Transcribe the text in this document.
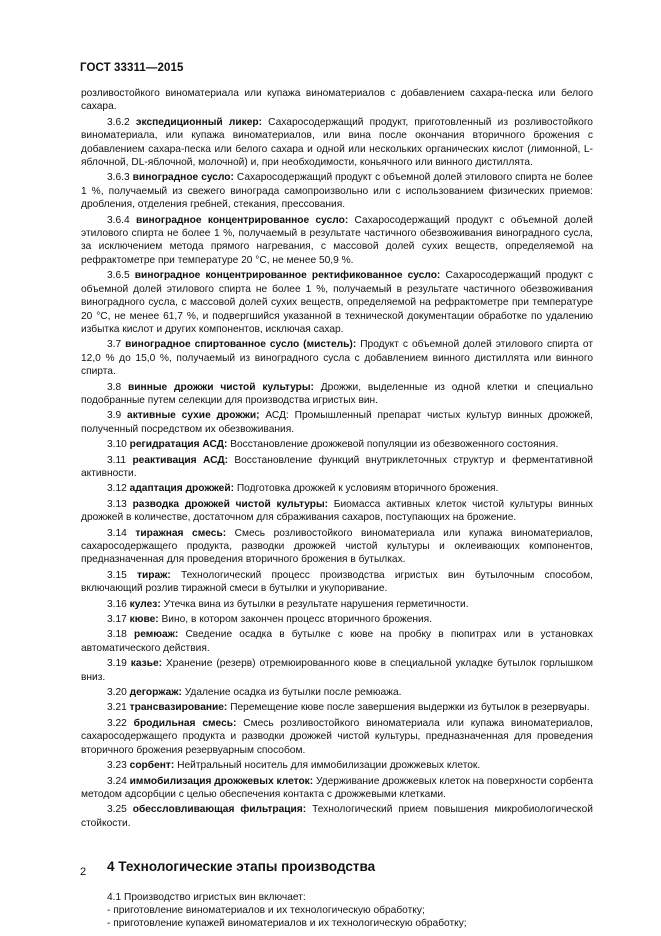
ГОСТ 33311—2015
розливостойкого виноматериала или купажа виноматериалов с добавлением сахара-песка или белого сахара.
3.6.2 экспедиционный ликер: Сахаросодержащий продукт, приготовленный из розливостойкого виноматериала, или купажа виноматериалов, или вина после окончания вторичного брожения с добавлением сахара-песка или белого сахара и одной или нескольких органических кислот (лимонной, L-яблочной, DL-яблочной, молочной) и, при необходимости, коньячного или винного дистиллята.
3.6.3 виноградное сусло: Сахаросодержащий продукт с объемной долей этилового спирта не более 1 %, получаемый из свежего винограда самопроизвольно или с использованием физических приемов: дробления, отделения гребней, стекания, прессования.
3.6.4 виноградное концентрированное сусло: Сахаросодержащий продукт с объемной долей этилового спирта не более 1 %, получаемый в результате частичного обезвоживания виноградного сусла, за исключением метода прямого нагревания, с массовой долей сухих веществ, определяемой на рефрактометре при температуре 20 °С, не менее 50,9 %.
3.6.5 виноградное концентрированное ректификованное сусло: Сахаросодержащий продукт с объемной долей этилового спирта не более 1 %, получаемый в результате частичного обезвоживания виноградного сусла, с массовой долей сухих веществ, определяемой на рефрактометре при температуре 20 °С, не менее 61,7 %, и подвергшийся указанной в технической документации обработке по удалению избытка кислот и других компонентов, исключая сахар.
3.7 виноградное спиртованное сусло (мистель): Продукт с объемной долей этилового спирта от 12,0 % до 15,0 %, получаемый из виноградного сусла с добавлением винного дистиллята или винного спирта.
3.8 винные дрожжи чистой культуры: Дрожжи, выделенные из одной клетки и специально подобранные путем селекции для производства игристых вин.
3.9 активные сухие дрожжи; АСД: Промышленный препарат чистых культур винных дрожжей, полученный посредством их обезвоживания.
3.10 регидратация АСД: Восстановление дрожжевой популяции из обезвоженного состояния.
3.11 реактивация АСД: Восстановление функций внутриклеточных структур и ферментативной активности.
3.12 адаптация дрожжей: Подготовка дрожжей к условиям вторичного брожения.
3.13 разводка дрожжей чистой культуры: Биомасса активных клеток чистой культуры винных дрожжей в количестве, достаточном для сбраживания сахаров, поступающих на брожение.
3.14 тиражная смесь: Смесь розливостойкого виноматериала или купажа виноматериалов, сахаросодержащего продукта, разводки дрожжей чистой культуры и оклеивающих компонентов, предназначенная для проведения вторичного брожения в бутылках.
3.15 тираж: Технологический процесс производства игристых вин бутылочным способом, включающий розлив тиражной смеси в бутылки и укупоривание.
3.16 кулез: Утечка вина из бутылки в результате нарушения герметичности.
3.17 кюве: Вино, в котором закончен процесс вторичного брожения.
3.18 ремюаж: Сведение осадка в бутылке с кюве на пробку в пюпитрах или в установках автоматического действия.
3.19 казье: Хранение (резерв) отремюированного кюве в специальной укладке бутылок горлышком вниз.
3.20 дегоржаж: Удаление осадка из бутылки после ремюажа.
3.21 трансвазирование: Перемещение кюве после завершения выдержки из бутылок в резервуары.
3.22 бродильная смесь: Смесь розливостойкого виноматериала или купажа виноматериалов, сахаросодержащего продукта и разводки дрожжей чистой культуры, предназначенная для проведения вторичного брожения резервуарным способом.
3.23 сорбент: Нейтральный носитель для иммобилизации дрожжевых клеток.
3.24 иммобилизация дрожжевых клеток: Удерживание дрожжевых клеток на поверхности сорбента методом адсорбции с целью обеспечения контакта с дрожжевыми клетками.
3.25 обессловливающая фильтрация: Технологический прием повышения микробиологической стойкости.
4 Технологические этапы производства
4.1 Производство игристых вин включает:
- приготовление виноматериалов и их технологическую обработку;
- приготовление купажей виноматериалов и их технологическую обработку;
2
